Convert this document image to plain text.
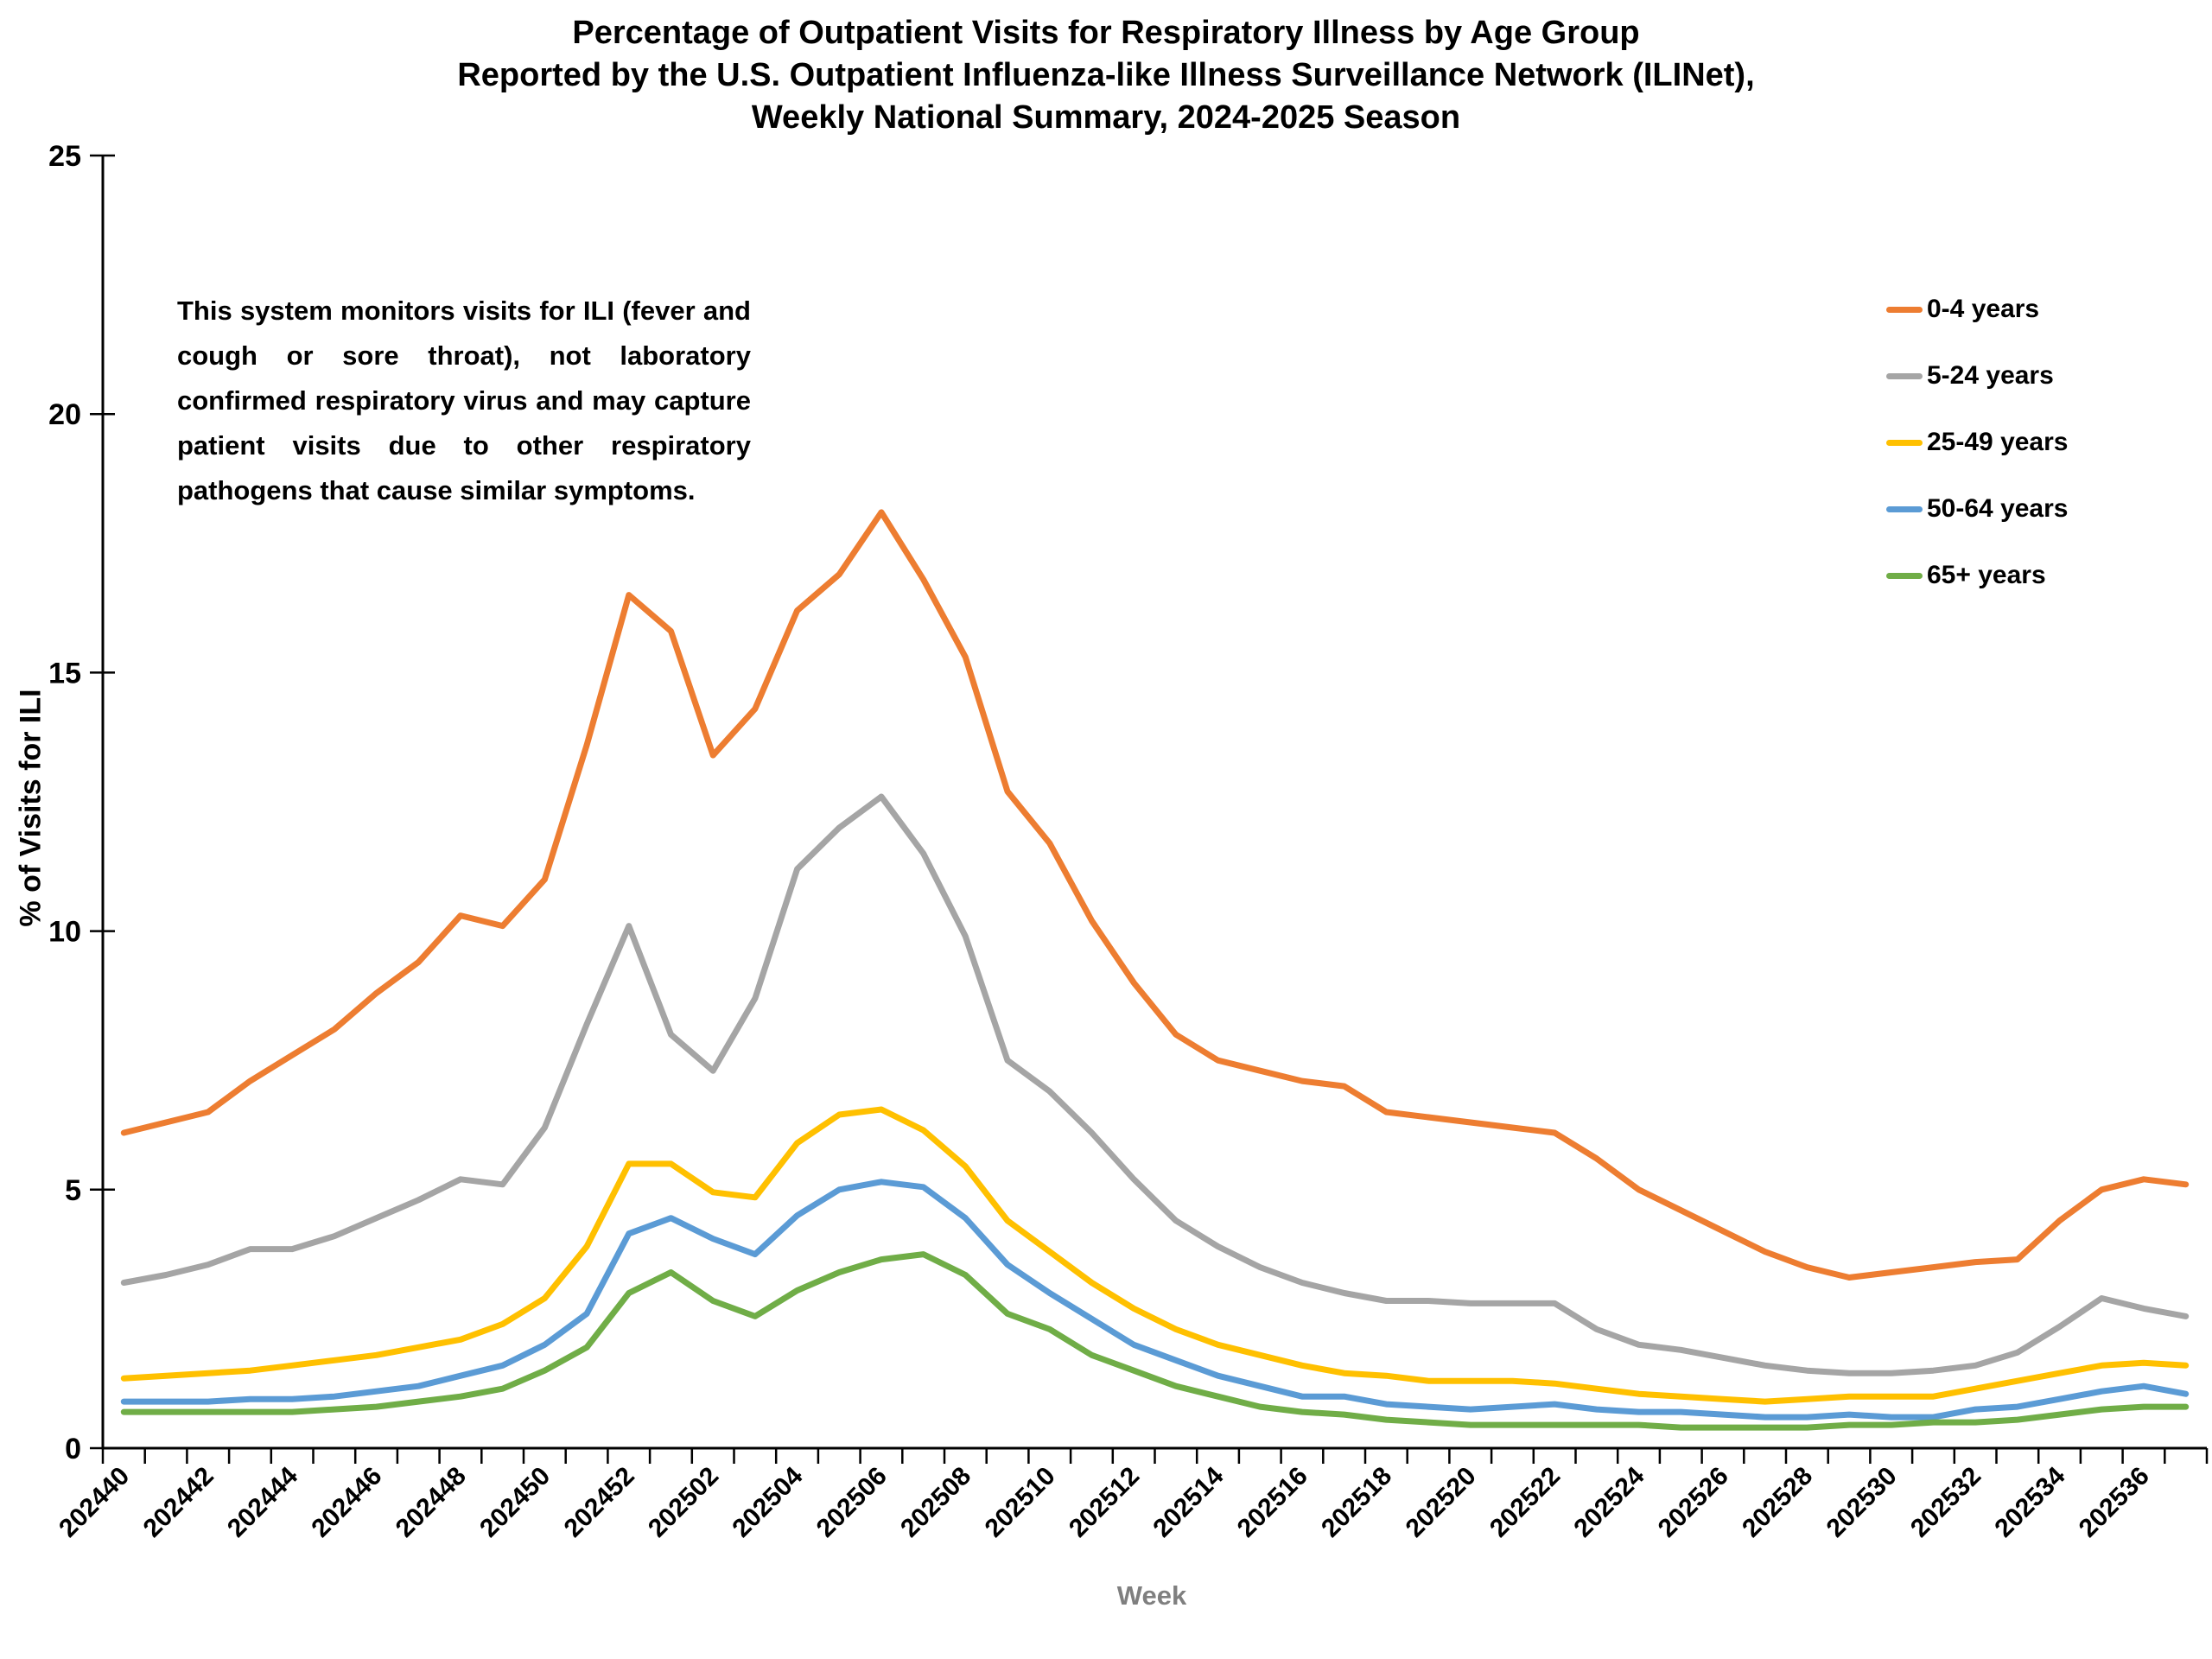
Percentage of Outpatient Visits for Respiratory Illness by Age Group
Reported by the U.S. Outpatient Influenza-like Illness Surveillance Network (ILINet),
Weekly National Summary, 2024-2025 Season
This system monitors visits for ILI (fever and cough or sore throat), not laboratory confirmed respiratory virus and may capture patient visits due to other respiratory pathogens that cause similar symptoms.
% of Visits for ILI
0
5
10
15
20
25
202440 202442 202444 202446 202448 202450 202452 202502 202504 202506 202508 202510 202512 202514 202516 202518 202520 202522 202524 202526 202528 202530 202532 202534 202536
Week
0-4 years
5-24 years
25-49 years
50-64 years
65+ years
